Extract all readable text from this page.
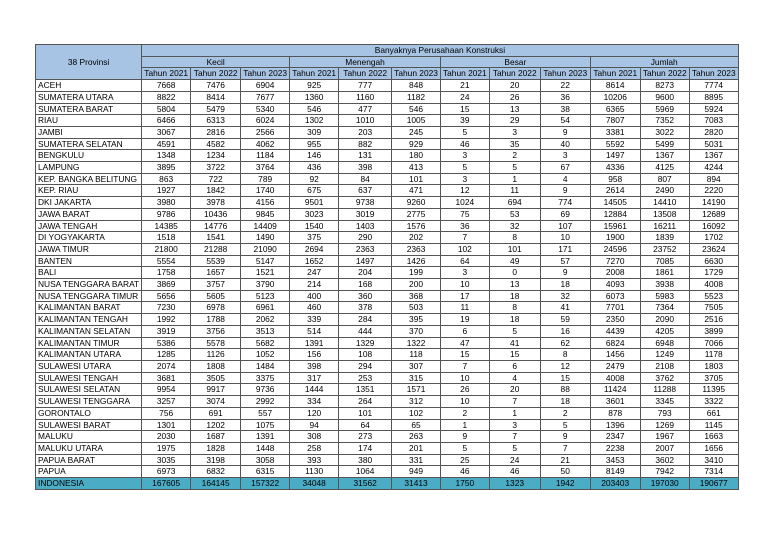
38 Provinsi	Banyaknya Perusahaan Konstruksi											
	Kecil			Menengah			Besar			Jumlah		
	Tahun 2021	Tahun 2022	Tahun 2023	Tahun 2021	Tahun 2022	Tahun 2023	Tahun 2021	Tahun 2022	Tahun 2023	Tahun 2021	Tahun 2022	Tahun 2023
ACEH	7668	7476	6904	925	777	848	21	20	22	8614	8273	7774
SUMATERA UTARA	8822	8414	7677	1360	1160	1182	24	26	36	10206	9600	8895
SUMATERA BARAT	5804	5479	5340	546	477	546	15	13	38	6365	5969	5924
RIAU	6466	6313	6024	1302	1010	1005	39	29	54	7807	7352	7083
JAMBI	3067	2816	2566	309	203	245	5	3	9	3381	3022	2820
SUMATERA SELATAN	4591	4582	4062	955	882	929	46	35	40	5592	5499	5031
BENGKULU	1348	1234	1184	146	131	180	3	2	3	1497	1367	1367
LAMPUNG	3895	3722	3764	436	398	413	5	5	67	4336	4125	4244
KEP. BANGKA BELITUNG	863	722	789	92	84	101	3	1	4	958	807	894
KEP. RIAU	1927	1842	1740	675	637	471	12	11	9	2614	2490	2220
DKI JAKARTA	3980	3978	4156	9501	9738	9260	1024	694	774	14505	14410	14190
JAWA BARAT	9786	10436	9845	3023	3019	2775	75	53	69	12884	13508	12689
JAWA TENGAH	14385	14776	14409	1540	1403	1576	36	32	107	15961	16211	16092
DI YOGYAKARTA	1518	1541	1490	375	290	202	7	8	10	1900	1839	1702
JAWA TIMUR	21800	21288	21090	2694	2363	2363	102	101	171	24596	23752	23624
BANTEN	5554	5539	5147	1652	1497	1426	64	49	57	7270	7085	6630
BALI	1758	1657	1521	247	204	199	3	0	9	2008	1861	1729
NUSA TENGGARA BARAT	3869	3757	3790	214	168	200	10	13	18	4093	3938	4008
NUSA TENGGARA TIMUR	5656	5605	5123	400	360	368	17	18	32	6073	5983	5523
KALIMANTAN BARAT	7230	6978	6961	460	378	503	11	8	41	7701	7364	7505
KALIMANTAN TENGAH	1992	1788	2062	339	284	395	19	18	59	2350	2090	2516
KALIMANTAN SELATAN	3919	3756	3513	514	444	370	6	5	16	4439	4205	3899
KALIMANTAN TIMUR	5386	5578	5682	1391	1329	1322	47	41	62	6824	6948	7066
KALIMANTAN UTARA	1285	1126	1052	156	108	118	15	15	8	1456	1249	1178
SULAWESI UTARA	2074	1808	1484	398	294	307	7	6	12	2479	2108	1803
SULAWESI TENGAH	3681	3505	3375	317	253	315	10	4	15	4008	3762	3705
SULAWESI SELATAN	9954	9917	9736	1444	1351	1571	26	20	88	11424	11288	11395
SULAWESI TENGGARA	3257	3074	2992	334	264	312	10	7	18	3601	3345	3322
GORONTALO	756	691	557	120	101	102	2	1	2	878	793	661
SULAWESI BARAT	1301	1202	1075	94	64	65	1	3	5	1396	1269	1145
MALUKU	2030	1687	1391	308	273	263	9	7	9	2347	1967	1663
MALUKU UTARA	1975	1828	1448	258	174	201	5	5	7	2238	2007	1656
PAPUA BARAT	3035	3198	3058	393	380	331	25	24	21	3453	3602	3410
PAPUA	6973	6832	6315	1130	1064	949	46	46	50	8149	7942	7314
INDONESIA	167605	164145	157322	34048	31562	31413	1750	1323	1942	203403	197030	190677
